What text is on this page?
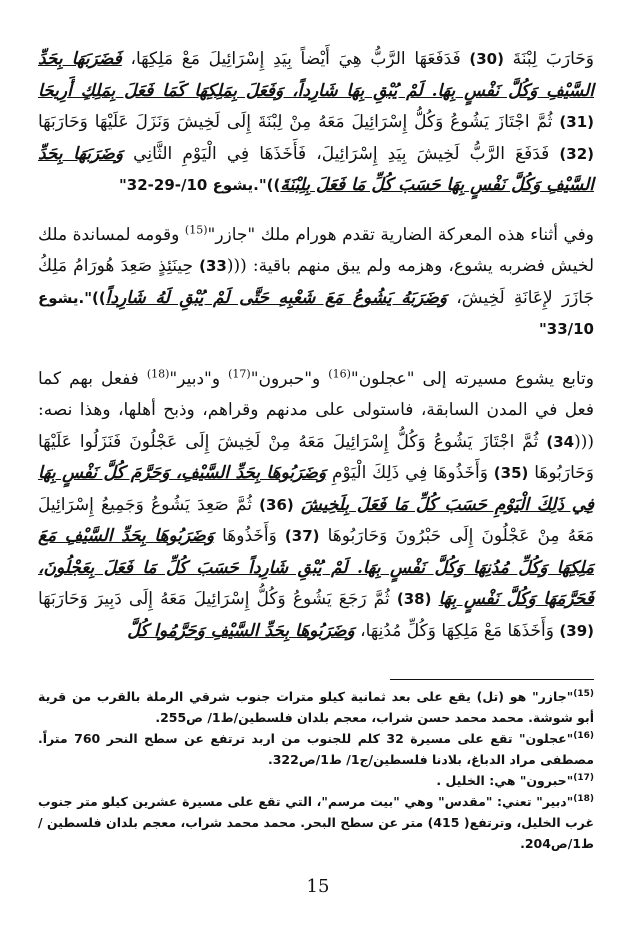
وَحَارَبَ لِبْنَةَ (30) فَدَفَعَهَا الرَّبُّ هِيَ أَيْضاً بِيَدِ إِسْرَائِيلَ مَعْ مَلِكِهَا، فَضَرَبَهَا بِحَدِّ السَّيْفِ وَكُلَّ نَفْسٍ بِهَا. لَمْ يُبْقِ بِهَا شَارِداً، وَفَعَلَ بِمَلِكِهَا كَمَا فَعَلَ بِمَلِكِ أَرِيحَا (31) ثُمَّ اجْتَازَ يَشُوعُ وَكُلُّ إِسْرَائِيلَ مَعَهُ مِنْ لِبْنَةَ إِلَى لَخِيشَ وَنَزَلَ عَلَيْهَا وَحَارَبَهَا (32) فَدَفَعَ الرَّبُّ لَخِيشَ بِيَدِ إِسْرَائِيلَ، فَأَخَذَهَا فِي الْيَوْمِ الثَّانِي وَضَرَبَهَا بِحَدِّ السَّيْفِ وَكُلَّ نَفْسٍ بِهَا حَسَبَ كُلِّ مَا فَعَلَ بِلِبْنَةَ))".يشوع 10/-29-32"

وفي أثناء هذه المعركة الضارية تقدم هورام ملك "جازر"$^{(15)}$ وقومه لمساندة ملك لخيش فضربه يشوع، وهزمه ولم يبق منهم باقية: (((33) حِينَئِذٍ صَعِدَ هُورَامُ مَلِكُ جَازَرَ لإِعَانَةِ لَخِيشَ، وَضَرَبَهُ يَشُوعُ مَعَ شَعْبِهِ حَتَّى لَمْ يُبْقِ لَهُ شَارِداً))".يشوع 33/10"

وتابع يشوع مسيرته إلى "عجلون"$^{(16)}$ و"حبرون"$^{(17)}$ و"دبير"$^{(18)}$ ففعل بهم كما فعل في المدن السابقة، فاستولى على مدنهم وقراهم، وذبح أهلها، وهذا نصه: (((34) ثُمَّ اجْتَازَ يَشُوعُ وَكُلُّ إِسْرَائِيلَ مَعَهُ مِنْ لَخِيشَ إِلَى عَجْلُونَ فَنَزَلُوا عَلَيْهَا وَحَارَبُوهَا (35) وَأَخَذُوهَا فِي ذَلِكَ الْيَوْمِ وَضَرَبُوهَا بِحَدِّ السَّيْفِ، وَحَرَّمَ كُلَّ نَفْسٍ بِهَا فِي ذَلِكَ الْيَوْمِ حَسَبَ كُلِّ مَا فَعَلَ بِلَخِيشَ (36) ثُمَّ صَعِدَ يَشُوعُ وَجَمِيعُ إِسْرَائِيلَ مَعَهُ مِنْ عَجْلُونَ إِلَى حَبْرُونَ وَحَارَبُوهَا (37) وَأَخَذُوهَا وَضَرَبُوهَا بِحَدِّ السَّيْفِ مَعَ مَلِكِهَا وَكُلِّ مُدُنِهَا وَكُلَّ نَفْسٍ بِهَا. لَمْ يُبْقِ شَارِداً حَسَبَ كُلِّ مَا فَعَلَ بِعَجْلُونَ، فَحَرَّمَهَا وَكُلَّ نَفْسٍ بِهَا (38) ثُمَّ رَجَعَ يَشُوعُ وَكُلُّ إِسْرَائِيلَ مَعَهُ إِلَى دَبِيرَ وَحَارَبَهَا (39) وَأَخَذَهَا مَعْ مَلِكِهَا وَكُلِّ مُدُنِهَا، وَضَرَبُوهَا بِحَدِّ السَّيْفِ وَحَرَّمُوا كُلَّ

$^{(15)}$"جازر" هو (تل) يقع على بعد ثمانية كيلو مترات جنوب شرقي الرملة بالقرب من قرية أبو شوشة. محمد محمد حسن شراب، معجم بلدان فلسطين/ط1/ ص255.

$^{(16)}$"عجلون" تقع على مسيرة 32 كلم للجنوب من اربد ترتفع عن سطح النحر 760 متراً. مصطفى مراد الدباغ، بلادنا فلسطين/ج1/ ط1/ص322.

$^{(17)}$"حبرون" هي: الخليل .

$^{(18)}$"دبير" تعني: "مقدس" وهي "بيت مرسم"، التي تقع على مسيرة عشرين كيلو متر جنوب غرب الخليل، وترتفع( 415) متر عن سطح البحر. محمد محمد شراب، معجم بلدان فلسطين /ط1/ص204.

15
